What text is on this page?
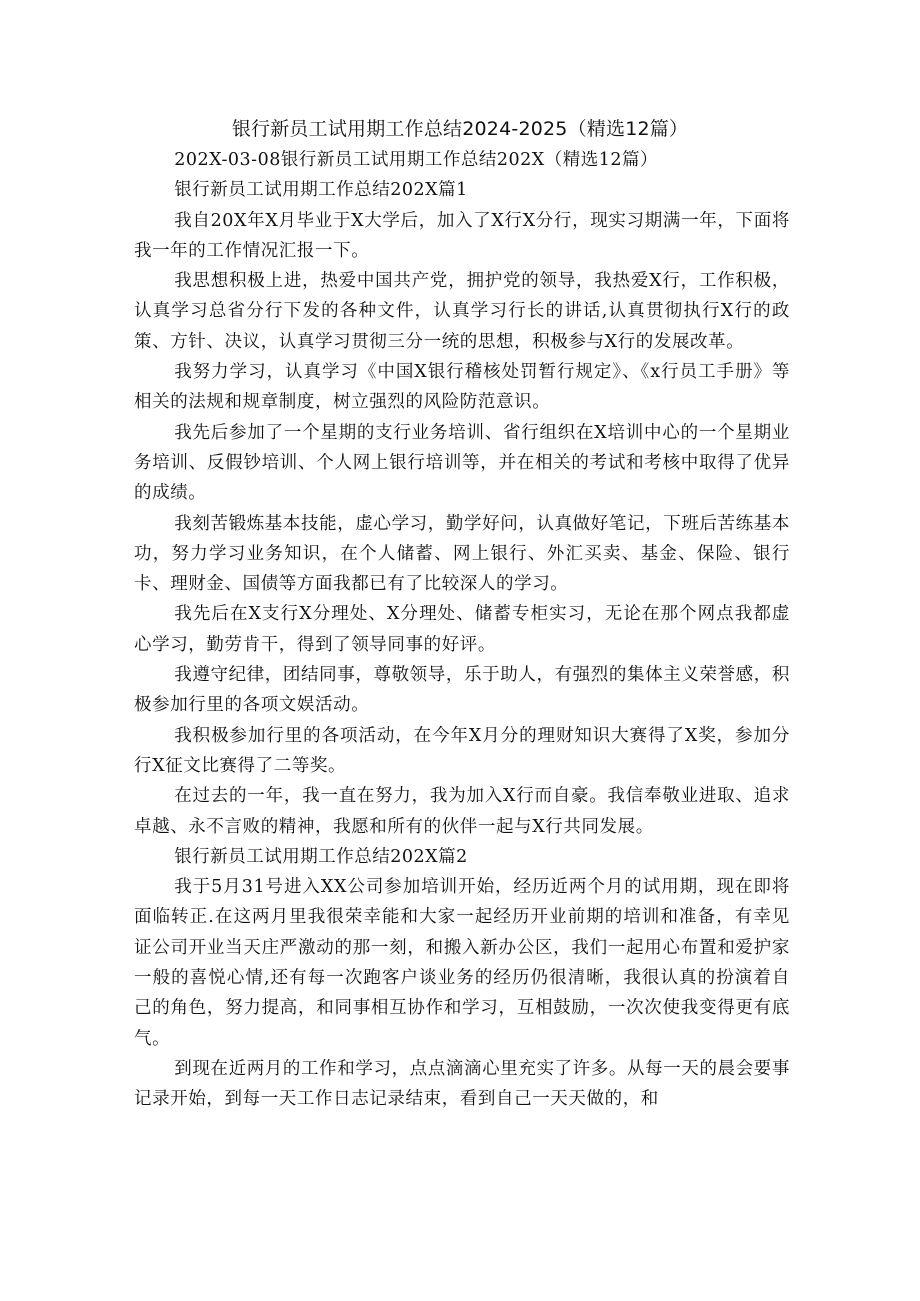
银行新员工试用期工作总结2024-2025（精选12篇）

202X-03-08银行新员工试用期工作总结202X（精选12篇）

银行新员工试用期工作总结202X篇1

我自20X年X月毕业于X大学后，加入了X行X分行，现实习期满一年，下面将我一年的工作情况汇报一下。

我思想积极上进，热爱中国共产党，拥护党的领导，我热爱X行，工作积极，认真学习总省分行下发的各种文件，认真学习行长的讲话,认真贯彻执行X行的政策、方针、决议，认真学习贯彻三分一统的思想，积极参与X行的发展改革。

我努力学习，认真学习《中国X银行稽核处罚暂行规定》、《x行员工手册》等相关的法规和规章制度，树立强烈的风险防范意识。

我先后参加了一个星期的支行业务培训、省行组织在X培训中心的一个星期业务培训、反假钞培训、个人网上银行培训等，并在相关的考试和考核中取得了优异的成绩。

我刻苦锻炼基本技能，虚心学习，勤学好问，认真做好笔记，下班后苦练基本功，努力学习业务知识，在个人储蓄、网上银行、外汇买卖、基金、保险、银行卡、理财金、国债等方面我都已有了比较深人的学习。

我先后在X支行X分理处、X分理处、储蓄专柜实习，无论在那个网点我都虚心学习，勤劳肯干，得到了领导同事的好评。

我遵守纪律，团结同事，尊敬领导，乐于助人，有强烈的集体主义荣誉感，积极参加行里的各项文娱活动。

我积极参加行里的各项活动，在今年X月分的理财知识大赛得了X奖，参加分行X征文比赛得了二等奖。

在过去的一年，我一直在努力，我为加入X行而自豪。我信奉敬业进取、追求卓越、永不言败的精神，我愿和所有的伙伴一起与X行共同发展。

银行新员工试用期工作总结202X篇2

我于5月31号进入XX公司参加培训开始，经历近两个月的试用期，现在即将面临转正.在这两月里我很荣幸能和大家一起经历开业前期的培训和准备，有幸见证公司开业当天庄严激动的那一刻，和搬入新办公区，我们一起用心布置和爱护家一般的喜悦心情,还有每一次跑客户谈业务的经历仍很清晰，我很认真的扮演着自己的角色，努力提高，和同事相互协作和学习，互相鼓励，一次次使我变得更有底气。

到现在近两月的工作和学习，点点滴滴心里充实了许多。从每一天的晨会要事记录开始，到每一天工作日志记录结束，看到自己一天天做的，和
